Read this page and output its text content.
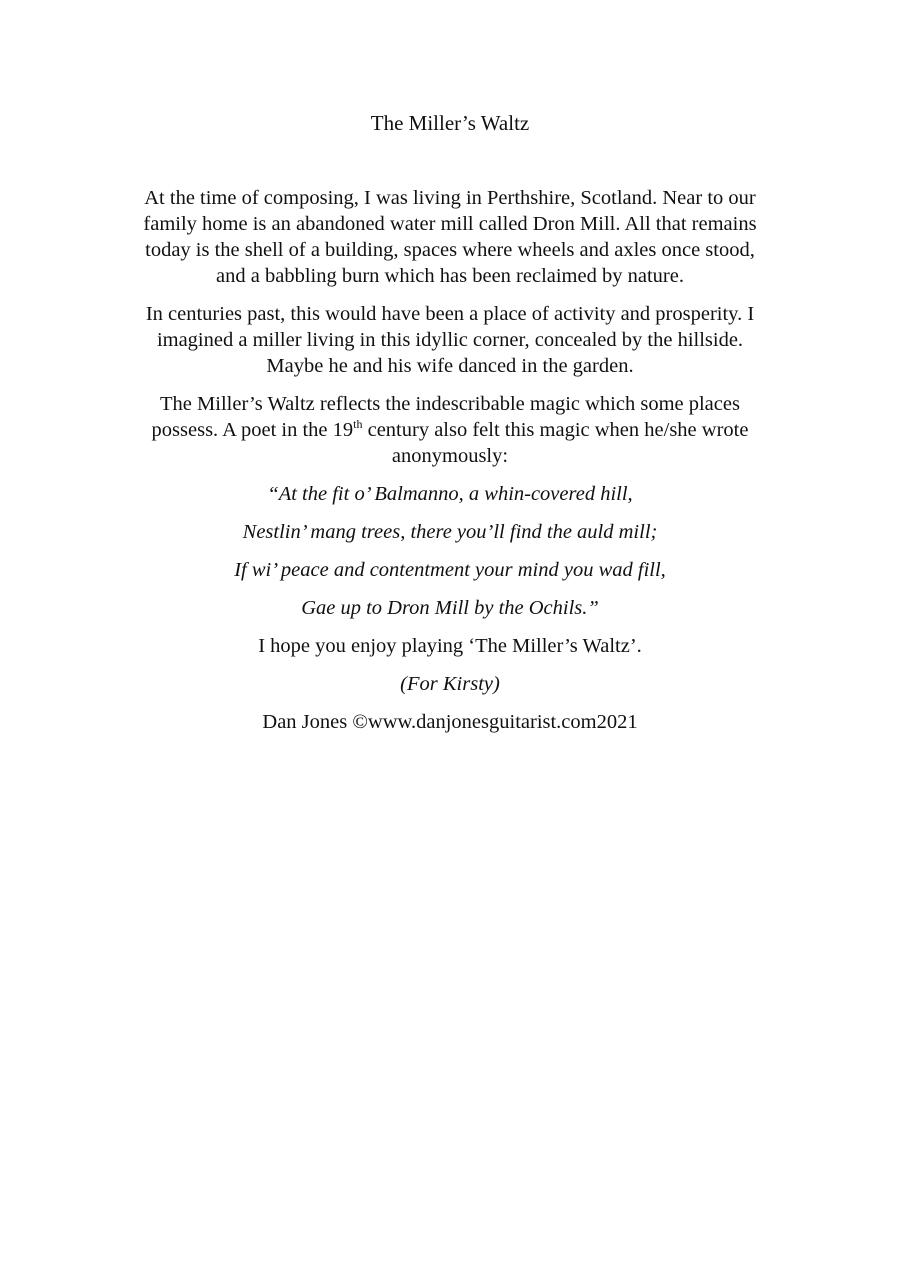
The Miller’s Waltz

At the time of composing, I was living in Perthshire, Scotland. Near to our
family home is an abandoned water mill called Dron Mill. All that remains
today is the shell of a building, spaces where wheels and axles once stood,
and a babbling burn which has been reclaimed by nature.

In centuries past, this would have been a place of activity and prosperity. I
imagined a miller living in this idyllic corner, concealed by the hillside.
Maybe he and his wife danced in the garden.

The Miller’s Waltz reflects the indescribable magic which some places
possess. A poet in the 19th century also felt this magic when he/she wrote
anonymously:

“At the fit o’ Balmanno, a whin-covered hill,

Nestlin’ mang trees, there you’ll find the auld mill;

If wi’ peace and contentment your mind you wad fill,

Gae up to Dron Mill by the Ochils.”

I hope you enjoy playing ‘The Miller’s Waltz’.

(For Kirsty)

Dan Jones ©www.danjonesguitarist.com2021
